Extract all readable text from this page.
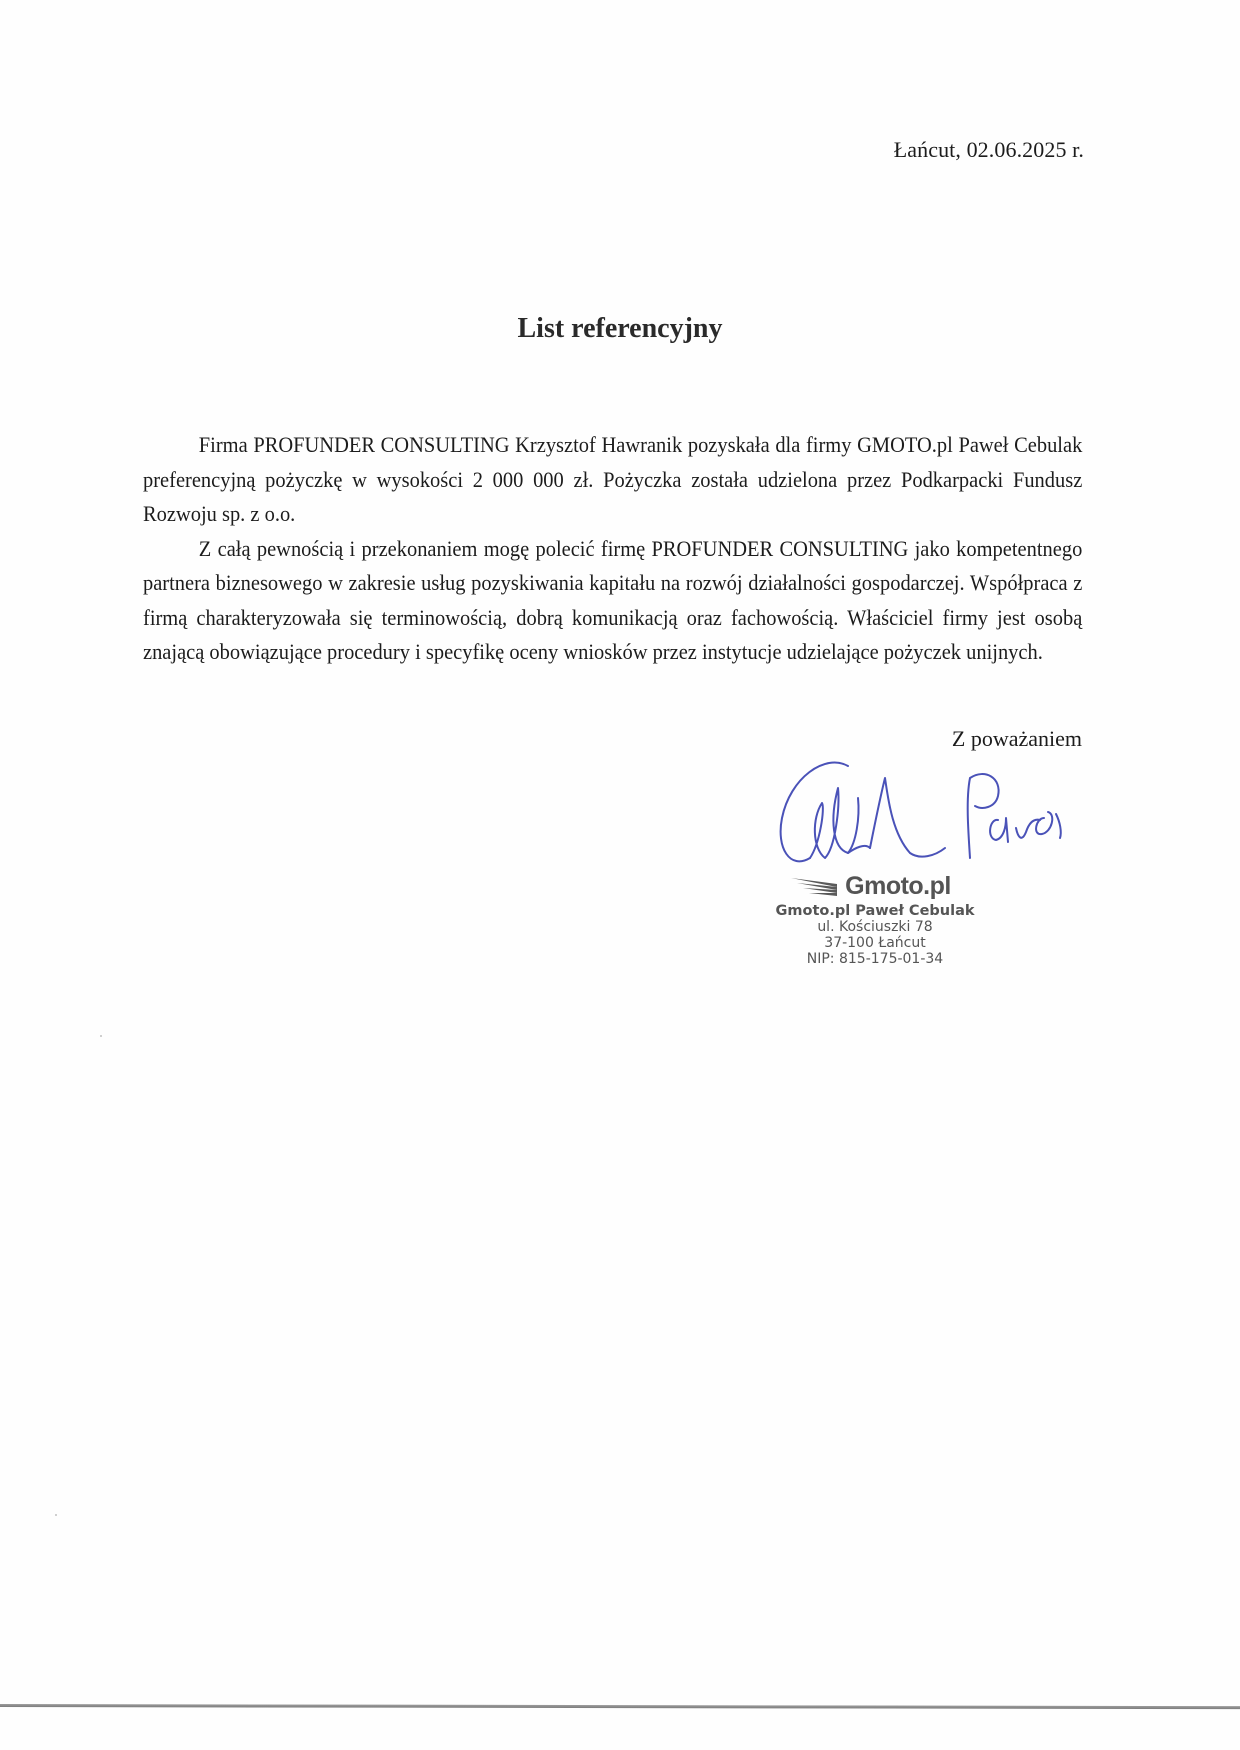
Łańcut, 02.06.2025 r.
List referencyjny

Firma PROFUNDER CONSULTING Krzysztof Hawranik pozyskała dla firmy GMOTO.pl Paweł Cebulak preferencyjną pożyczkę w wysokości 2 000 000 zł. Pożyczka została udzielona przez Podkarpacki Fundusz Rozwoju sp. z o.o.

Z całą pewnością i przekonaniem mogę polecić firmę PROFUNDER CONSULTING jako kompetentnego partnera biznesowego w zakresie usług pozyskiwania kapitału na rozwój działalności gospodarczej. Współpraca z firmą charakteryzowała się terminowością, dobrą komunikacją oraz fachowością. Właściciel firmy jest osobą znającą obowiązujące procedury i specyfikę oceny wniosków przez instytucje udzielające pożyczek unijnych.

Z poważaniem
Gmoto.pl
Gmoto.pl Paweł Cebulak
ul. Kościuszki 78
37-100 Łańcut
NIP: 815-175-01-34
